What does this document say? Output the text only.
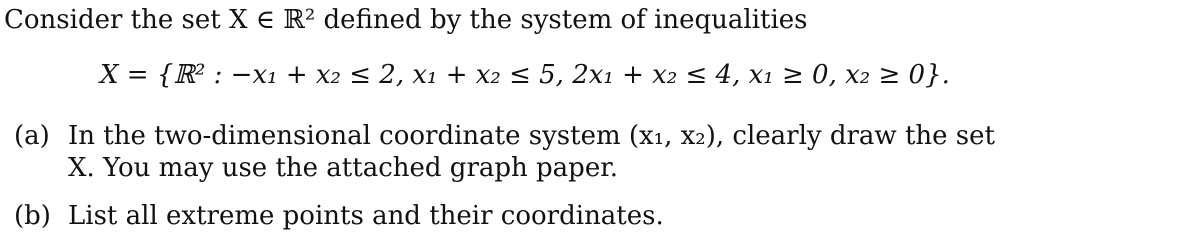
Consider the set X ∈ ℝ² defined by the system of inequalities
X = {ℝ² : −x₁ + x₂ ≤ 2, x₁ + x₂ ≤ 5, 2x₁ + x₂ ≤ 4, x₁ ≥ 0, x₂ ≥ 0}.
(a) In the two-dimensional coordinate system (x₁, x₂), clearly draw the set
X. You may use the attached graph paper.
(b) List all extreme points and their coordinates.
